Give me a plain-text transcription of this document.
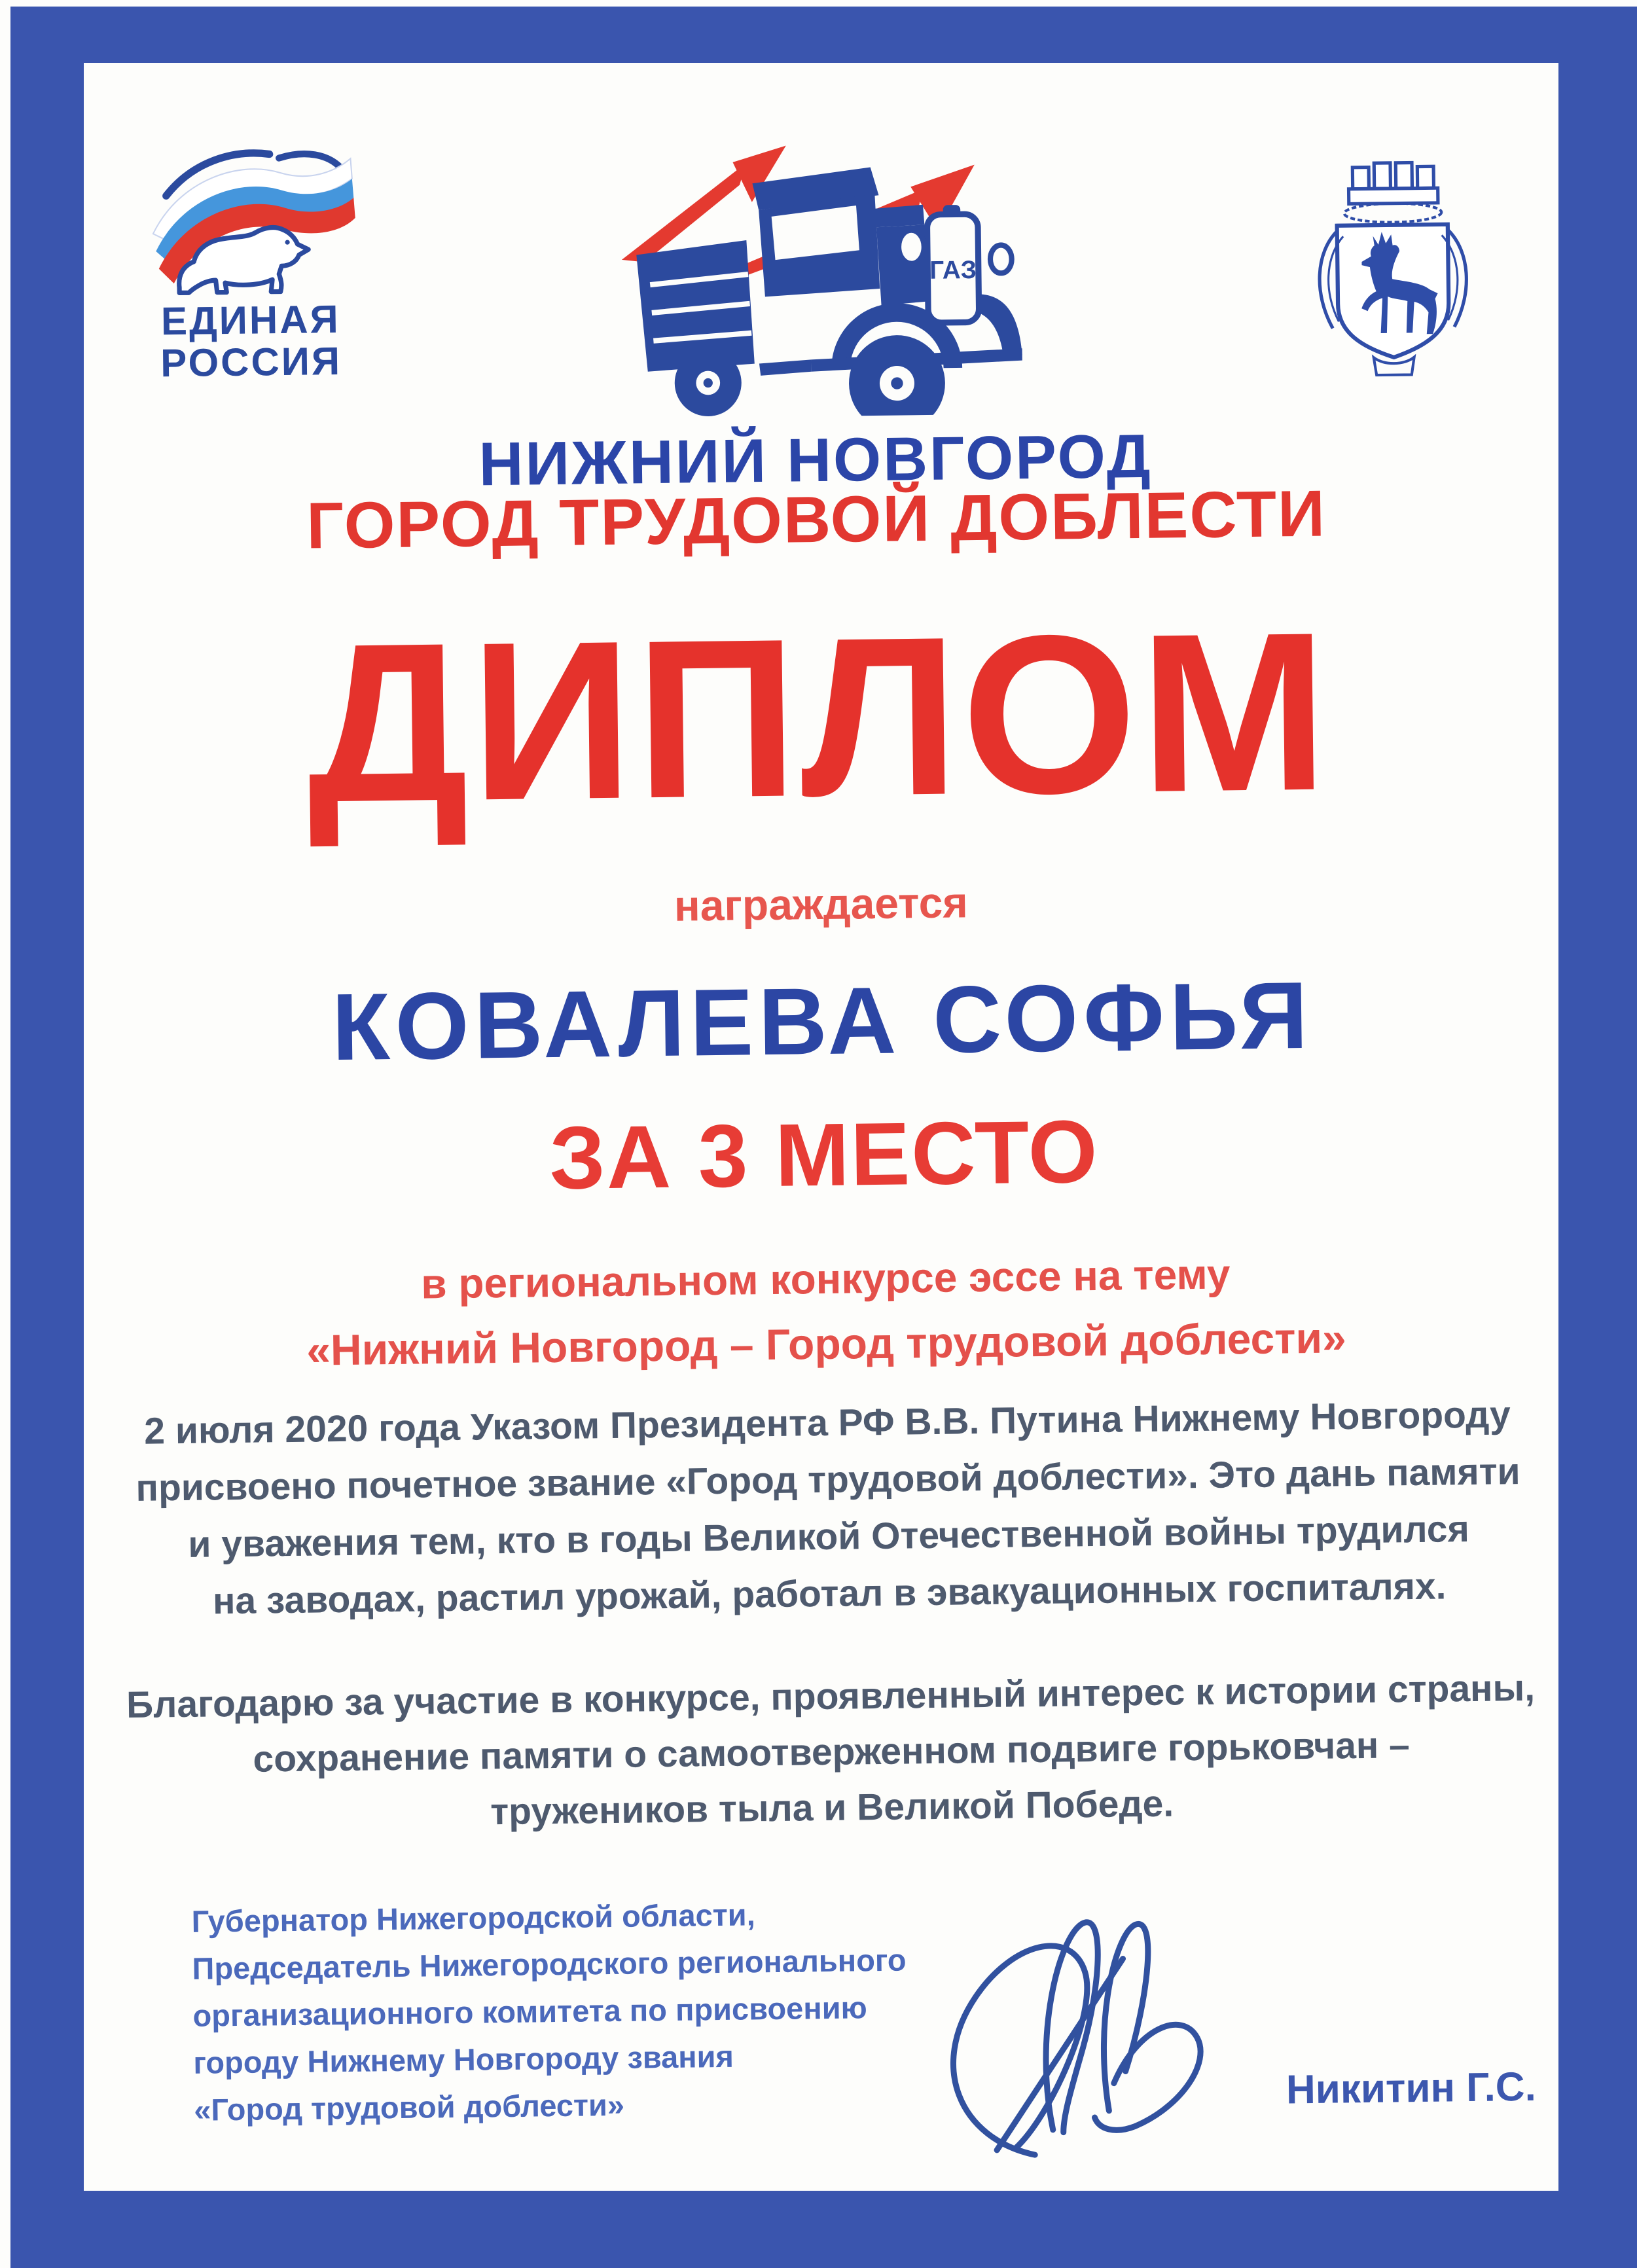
ЕДИНАЯ
РОССИЯ
ГАЗ
НИЖНИЙ НОВГОРОД
ГОРОД ТРУДОВОЙ ДОБЛЕСТИ
ДИПЛОМ
награждается
КОВАЛЕВА СОФЬЯ
ЗА 3 МЕСТО
в региональном конкурсе эссе на тему
«Нижний Новгород – Город трудовой доблести»
2 июля 2020 года Указом Президента РФ В.В. Путина Нижнему Новгороду
присвоено почетное звание «Город трудовой доблести». Это дань памяти
и уважения тем, кто в годы Великой Отечественной войны трудился
на заводах, растил урожай, работал в эвакуационных госпиталях.
Благодарю за участие в конкурсе, проявленный интерес к истории страны,
сохранение памяти о самоотверженном подвиге горьковчан –
тружеников тыла и Великой Победе.
Губернатор Нижегородской области,
Председатель Нижегородского регионального
организационного комитета по присвоению
городу Нижнему Новгороду звания
«Город трудовой доблести»	Никитин Г.С.
